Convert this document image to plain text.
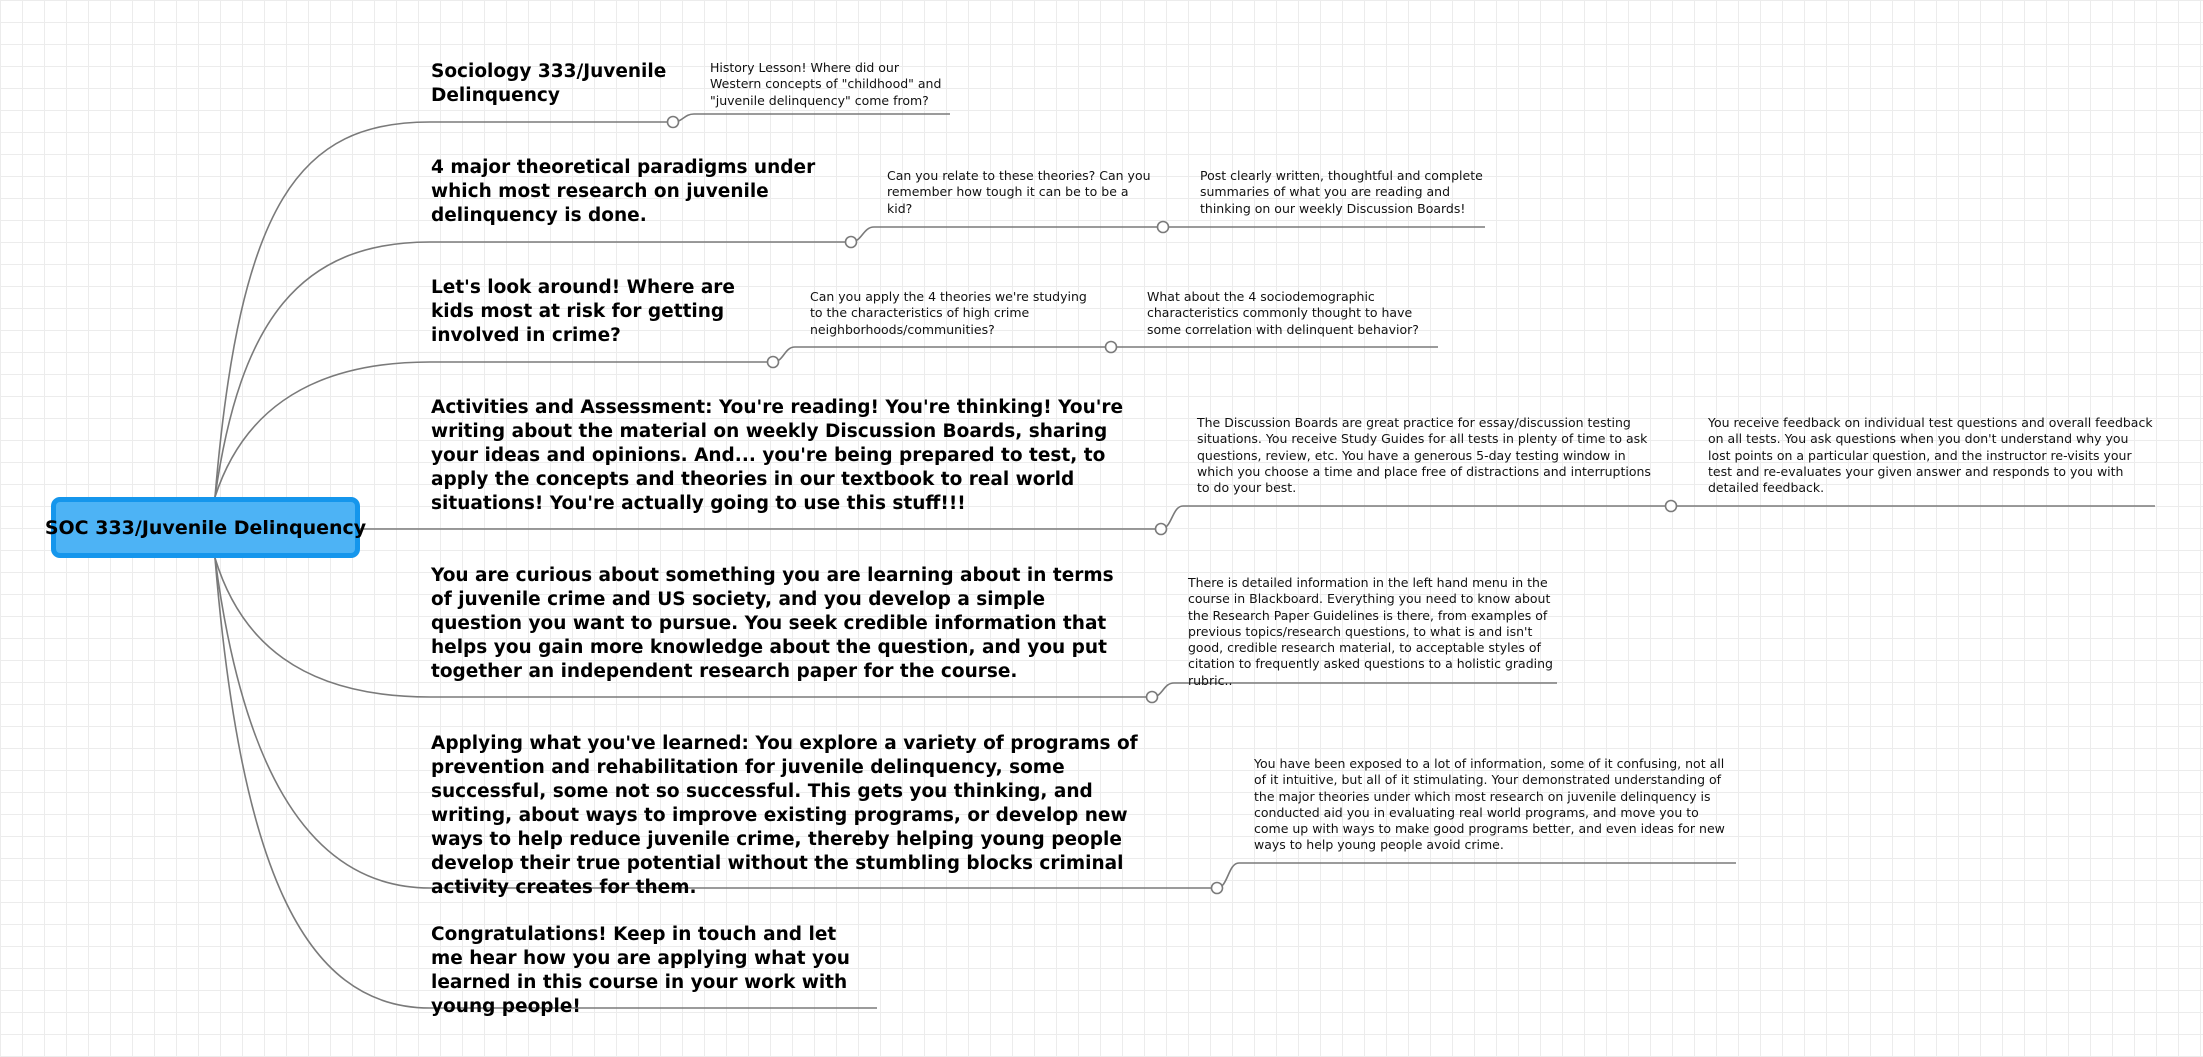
SOC 333/Juvenile Delinquency
Sociology 333/Juvenile Delinquency
4 major theoretical paradigms under which most research on juvenile delinquency is done.
Let's look around! Where are kids most at risk for getting involved in crime?
Activities and Assessment: You're reading! You're thinking! You're writing about the material on weekly Discussion Boards, sharing your ideas and opinions. And... you're being prepared to test, to apply the concepts and theories in our textbook to real world situations! You're actually going to use this stuff!!!
You are curious about something you are learning about in terms of juvenile crime and US society, and you develop a simple question you want to pursue. You seek credible information that helps you gain more knowledge about the question, and you put together an independent research paper for the course.
Applying what you've learned: You explore a variety of programs of prevention and rehabilitation for juvenile delinquency, some successful, some not so successful. This gets you thinking, and writing, about ways to improve existing programs, or develop new ways to help reduce juvenile crime, thereby helping young people develop their true potential without the stumbling blocks criminal activity creates for them.
Congratulations! Keep in touch and let me hear how you are applying what you learned in this course in your work with young people!
History Lesson! Where did our Western concepts of "childhood" and "juvenile delinquency" come from?
Can you relate to these theories? Can you remember how tough it can be to be a kid?
Post clearly written, thoughtful and complete summaries of what you are reading and thinking on our weekly Discussion Boards!
Can you apply the 4 theories we're studying to the characteristics of high crime neighborhoods/communities?
What about the 4 sociodemographic characteristics commonly thought to have some correlation with delinquent behavior?
The Discussion Boards are great practice for essay/discussion testing situations. You receive Study Guides for all tests in plenty of time to ask questions, review, etc. You have a generous 5-day testing window in which you choose a time and place free of distractions and interruptions to do your best.
You receive feedback on individual test questions and overall feedback on all tests. You ask questions when you don't understand why you lost points on a particular question, and the instructor re-visits your test and re-evaluates your given answer and responds to you with detailed feedback.
There is detailed information in the left hand menu in the course in Blackboard. Everything you need to know about the Research Paper Guidelines is there, from examples of previous topics/research questions, to what is and isn't good, credible research material, to acceptable styles of citation to frequently asked questions to a holistic grading rubric..
You have been exposed to a lot of information, some of it confusing, not all of it intuitive, but all of it stimulating. Your demonstrated understanding of the major theories under which most research on juvenile delinquency is conducted aid you in evaluating real world programs, and move you to come up with ways to make good programs better, and even ideas for new ways to help young people avoid crime.
